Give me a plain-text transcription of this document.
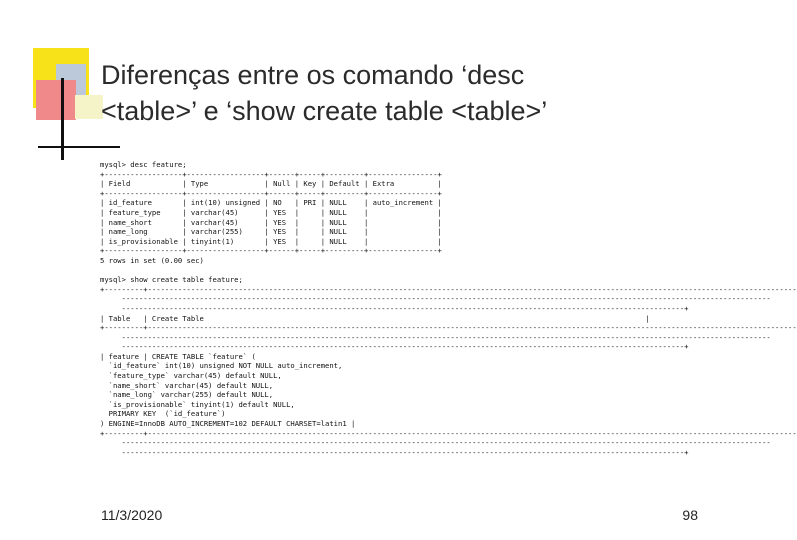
Diferenças entre os comando ‘desc
<table>’ e ‘show create table <table>’
mysql> desc feature;
+------------------+------------------+------+-----+---------+----------------+
| Field            | Type             | Null | Key | Default | Extra          |
+------------------+------------------+------+-----+---------+----------------+
| id_feature       | int(10) unsigned | NO   | PRI | NULL    | auto_increment |
| feature_type     | varchar(45)      | YES  |     | NULL    |                |
| name_short       | varchar(45)      | YES  |     | NULL    |                |
| name_long        | varchar(255)     | YES  |     | NULL    |                |
| is_provisionable | tinyint(1)       | YES  |     | NULL    |                |
+------------------+------------------+------+-----+---------+----------------+
5 rows in set (0.00 sec)
mysql> show create table feature;
+---------+------------------------------------------------------------------------------------------------------------------------------------------------------
------------------------------------------------------------------------------------------------------------------------------------------------------
----------------------------------------------------------------------------------------------------------------------------------+
| Table   | Create Table                                                                                                      |
+---------+------------------------------------------------------------------------------------------------------------------------------------------------------
------------------------------------------------------------------------------------------------------------------------------------------------------
----------------------------------------------------------------------------------------------------------------------------------+
| feature | CREATE TABLE `feature` (
`id_feature` int(10) unsigned NOT NULL auto_increment,
`feature_type` varchar(45) default NULL,
`name_short` varchar(45) default NULL,
`name_long` varchar(255) default NULL,
`is_provisionable` tinyint(1) default NULL,
PRIMARY KEY  (`id_feature`)
) ENGINE=InnoDB AUTO_INCREMENT=102 DEFAULT CHARSET=latin1 |
+---------+------------------------------------------------------------------------------------------------------------------------------------------------------
------------------------------------------------------------------------------------------------------------------------------------------------------
----------------------------------------------------------------------------------------------------------------------------------+
11/3/2020	98
